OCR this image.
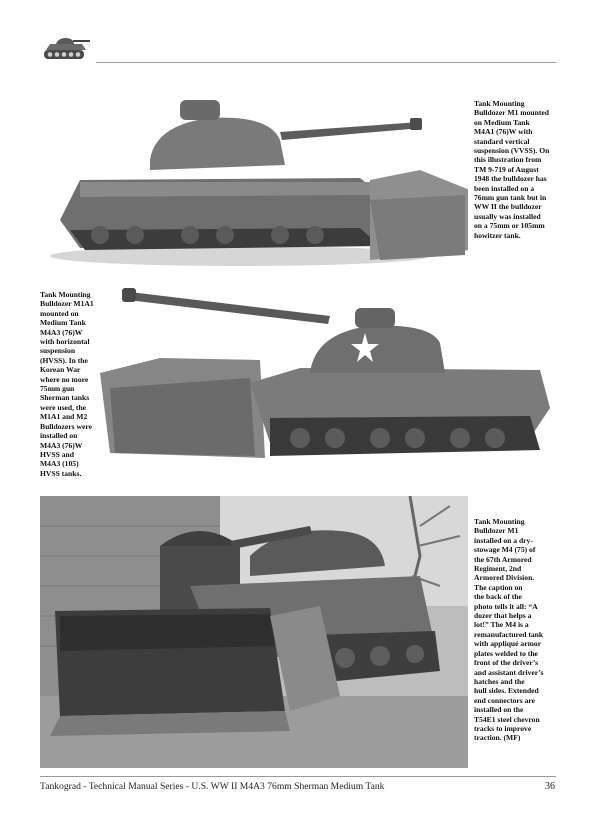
Tank Mounting
Bulldozer M1 mounted
on Medium Tank
M4A1 (76)W with
standard vertical
suspension (VVSS). On
this illustration from
TM 9-719 of August
1948 the bulldozer has
been installed on a
76mm gun tank but in
WW II the bulldozer
usually was installed
on a 75mm or 105mm
howitzer tank.
Tank Mounting
Bulldozer M1A1
mounted on
Medium Tank
M4A3 (76)W
with horizontal
suspension
(HVSS). In the
Korean War
where no more
75mm gun
Sherman tanks
were used, the
M1A1 and M2
Bulldozers were
installed on
M4A3 (76)W
HVSS and
M4A3 (105)
HVSS tanks.
Tank Mounting
Bulldozer M1
installed on a dry-
stowage M4 (75) of
the 67th Armored
Regiment, 2nd
Armored Division.
The caption on
the back of the
photo tells it all: “A
dozer that helps a
lot!” The M4 is a
remanufactured tank
with appliqué armor
plates welded to the
front of the driver’s
and assistant driver’s
hatches and the
hull sides. Extended
end connectors are
installed on the
T54E1 steel chevron
tracks to improve
traction. (MF)
Tankograd - Technical Manual Series - U.S. WW II M4A3 76mm Sherman Medium Tank	36
